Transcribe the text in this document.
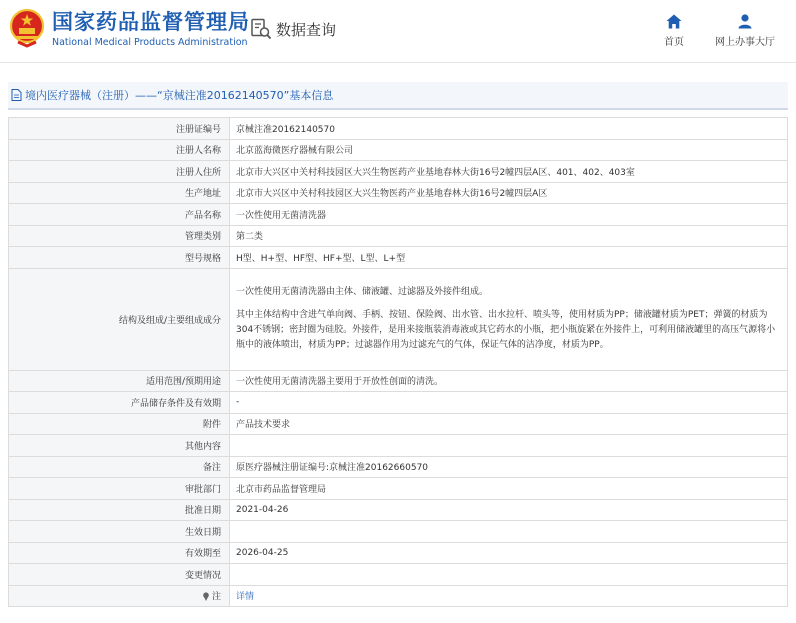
国家药品监督管理局
National Medical Products Administration
数据查询
首页	网上办事大厅
境内医疗器械（注册）——“京械注准20162140570”基本信息
注册证编号	京械注准20162140570
注册人名称	北京蓝海微医疗器械有限公司
注册人住所	北京市大兴区中关村科技园区大兴生物医药产业基地春林大街16号2幢四层A区、401、402、403室
生产地址	北京市大兴区中关村科技园区大兴生物医药产业基地春林大街16号2幢四层A区
产品名称	一次性使用无菌清洗器
管理类别	第二类
型号规格	H型、H+型、HF型、HF+型、L型、L+型
结构及组成/主要组成成分	一次性使用无菌清洗器由主体、储液罐、过滤器及外接件组成。

其中主体结构中含进气单向阀、手柄、按钮、保险阀、出水管、出水拉杆、喷头等，使用材质为PP；储液罐材质为PET；弹簧的材质为304不锈钢；密封圈为硅胶。外接件，是用来接瓶装消毒液或其它药水的小瓶，把小瓶旋紧在外接件上，可利用储液罐里的高压气源将小瓶中的液体喷出，材质为PP；过滤器作用为过滤充气的气体，保证气体的洁净度，材质为PP。

适用范围/预期用途	一次性使用无菌清洗器主要用于开放性创面的清洗。
产品储存条件及有效期	-
附件	产品技术要求
其他内容	
备注	原医疗器械注册证编号:京械注准20162660570
审批部门	北京市药品监督管理局
批准日期	2021-04-26
生效日期	
有效期至	2026-04-25
变更情况	
注	详情
